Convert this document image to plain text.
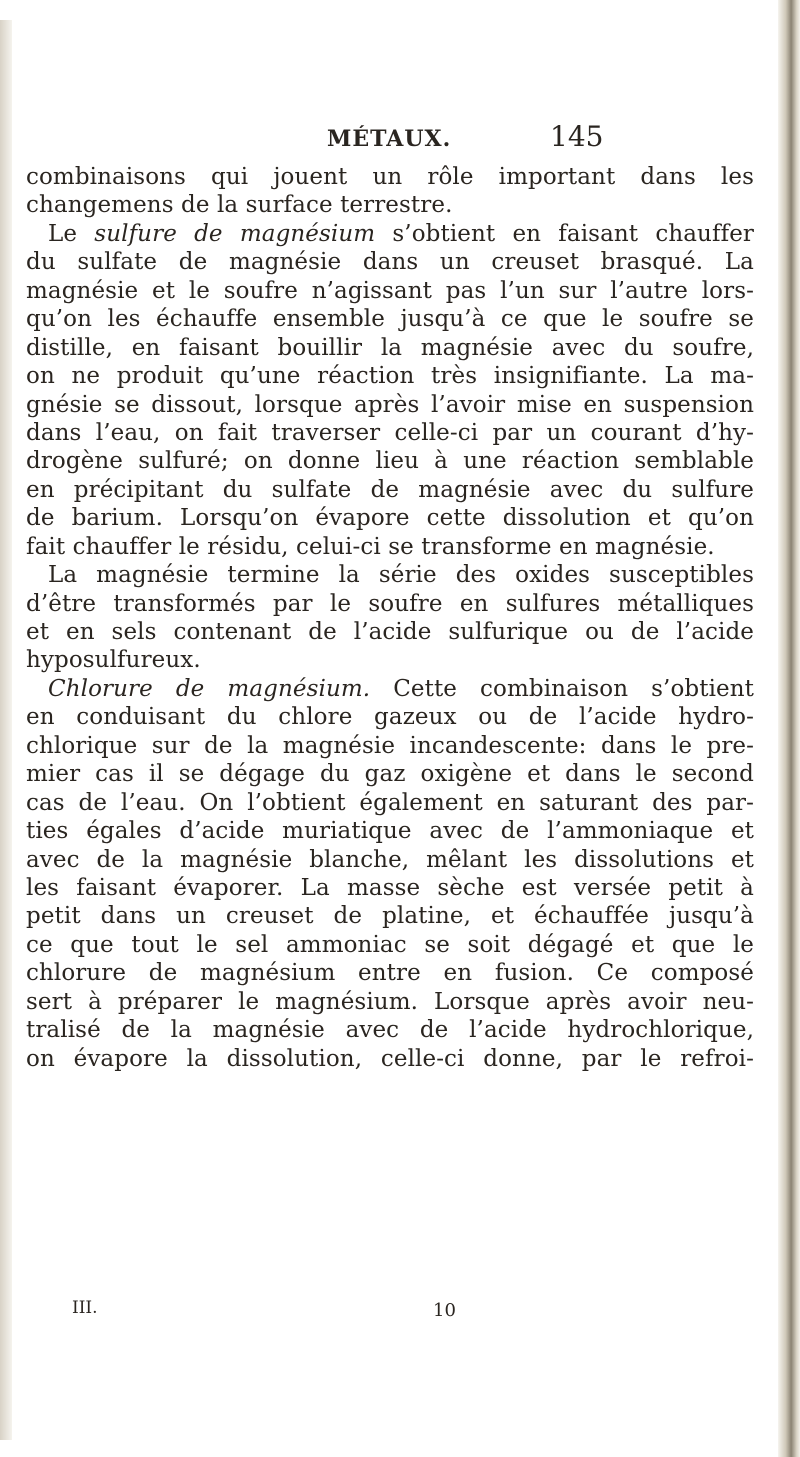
MÉTAUX.	145
combinaisons qui jouent un rôle important dans les
changemens de la surface terrestre.
Le sulfure de magnésium s’obtient en faisant chauffer
du sulfate de magnésie dans un creuset brasqué. La
magnésie et le soufre n’agissant pas l’un sur l’autre lors-
qu’on les échauffe ensemble jusqu’à ce que le soufre se
distille, en faisant bouillir la magnésie avec du soufre,
on ne produit qu’une réaction très insignifiante. La ma-
gnésie se dissout, lorsque après l’avoir mise en suspension
dans l’eau, on fait traverser celle-ci par un courant d’hy-
drogène sulfuré; on donne lieu à une réaction semblable
en précipitant du sulfate de magnésie avec du sulfure
de barium. Lorsqu’on évapore cette dissolution et qu’on
fait chauffer le résidu, celui-ci se transforme en magnésie.
La magnésie termine la série des oxides susceptibles
d’être transformés par le soufre en sulfures métalliques
et en sels contenant de l’acide sulfurique ou de l’acide
hyposulfureux.
Chlorure de magnésium. Cette combinaison s’obtient
en conduisant du chlore gazeux ou de l’acide hydro-
chlorique sur de la magnésie incandescente: dans le pre-
mier cas il se dégage du gaz oxigène et dans le second
cas de l’eau. On l’obtient également en saturant des par-
ties égales d’acide muriatique avec de l’ammoniaque et
avec de la magnésie blanche, mêlant les dissolutions et
les faisant évaporer. La masse sèche est versée petit à
petit dans un creuset de platine, et échauffée jusqu’à
ce que tout le sel ammoniac se soit dégagé et que le
chlorure de magnésium entre en fusion. Ce composé
sert à préparer le magnésium. Lorsque après avoir neu-
tralisé de la magnésie avec de l’acide hydrochlorique,
on évapore la dissolution, celle-ci donne, par le refroi-
III.	10
